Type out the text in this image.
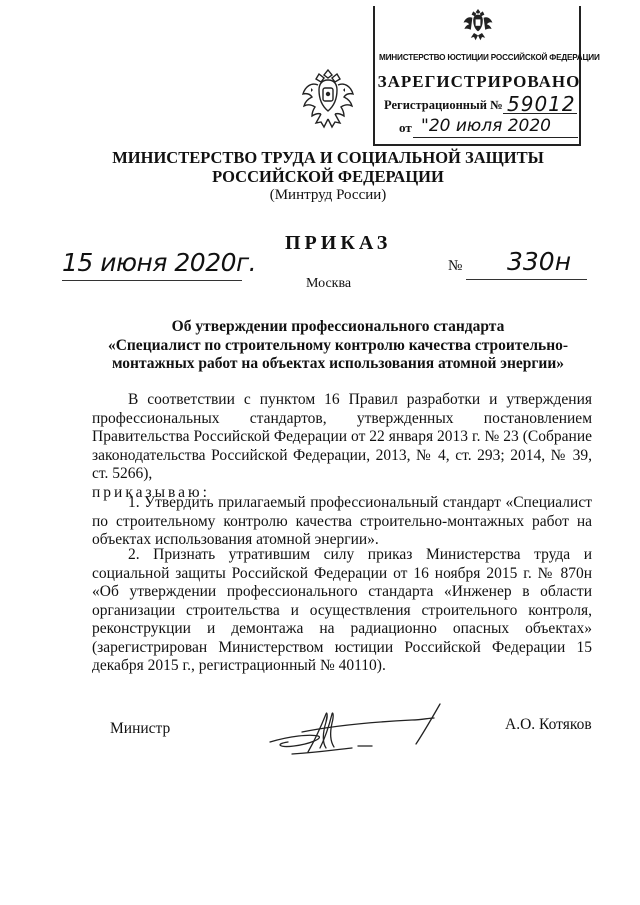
МИНИСТЕРСТВО ЮСТИЦИИ РОССИЙСКОЙ ФЕДЕРАЦИИ
ЗАРЕГИСТРИРОВАНО
Регистрационный № 59012
от "20 июля 2020
МИНИСТЕРСТВО ТРУДА И СОЦИАЛЬНОЙ ЗАЩИТЫ
РОССИЙСКОЙ ФЕДЕРАЦИИ
(Минтруд России)
ПРИКАЗ
15 июня 2020г.	№ 330н
Москва
Об утверждении профессионального стандарта
«Специалист по строительному контролю качества строительно-
монтажных работ на объектах использования атомной энергии»

В соответствии с пунктом 16 Правил разработки и утверждения профессиональных стандартов, утвержденных постановлением Правительства Российской Федерации от 22 января 2013 г. № 23 (Собрание законодательства Российской Федерации, 2013, № 4, ст. 293; 2014, № 39, ст. 5266),
приказываю:

1. Утвердить прилагаемый профессиональный стандарт «Специалист по строительному контролю качества строительно-монтажных работ на объектах использования атомной энергии».

2. Признать утратившим силу приказ Министерства труда и социальной защиты Российской Федерации от 16 ноября 2015 г. № 870н «Об утверждении профессионального стандарта «Инженер в области организации строительства и осуществления строительного контроля, реконструкции и демонтажа на радиационно опасных объектах» (зарегистрирован Министерством юстиции Российской Федерации 15 декабря 2015 г., регистрационный № 40110).

Министр	А.О. Котяков
